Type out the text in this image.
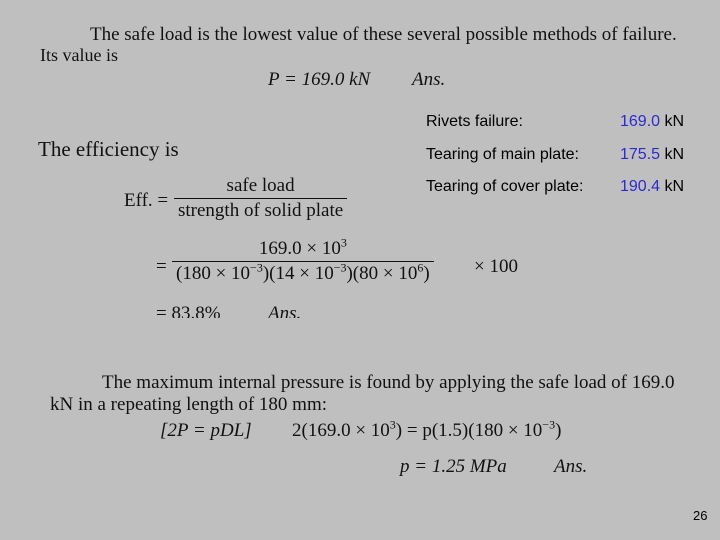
The safe load is the lowest value of these several possible methods of failure.
Its value is
P = 169.0 kN Ans.
Rivets failure:	169.0 kN
Tearing of main plate:	175.5 kN
Tearing of cover plate: 190.4 kN
The efficiency is
Eff. =
safe load
strength of solid plate
= $\frac{169.0 \times 10^3}{(180 \times 10^{-3})(14 \times 10^{-3})(80 \times 10^6)} \times 100$
= 83.8% Ans.
The maximum internal pressure is found by applying the safe load of 169.0
kN in a repeating length of 180 mm:
[2P = pDL] $2(169.0 \times 10^3) = p(1.5)(180 \times 10^{-3})$
p = 1.25 MPa Ans.
26
